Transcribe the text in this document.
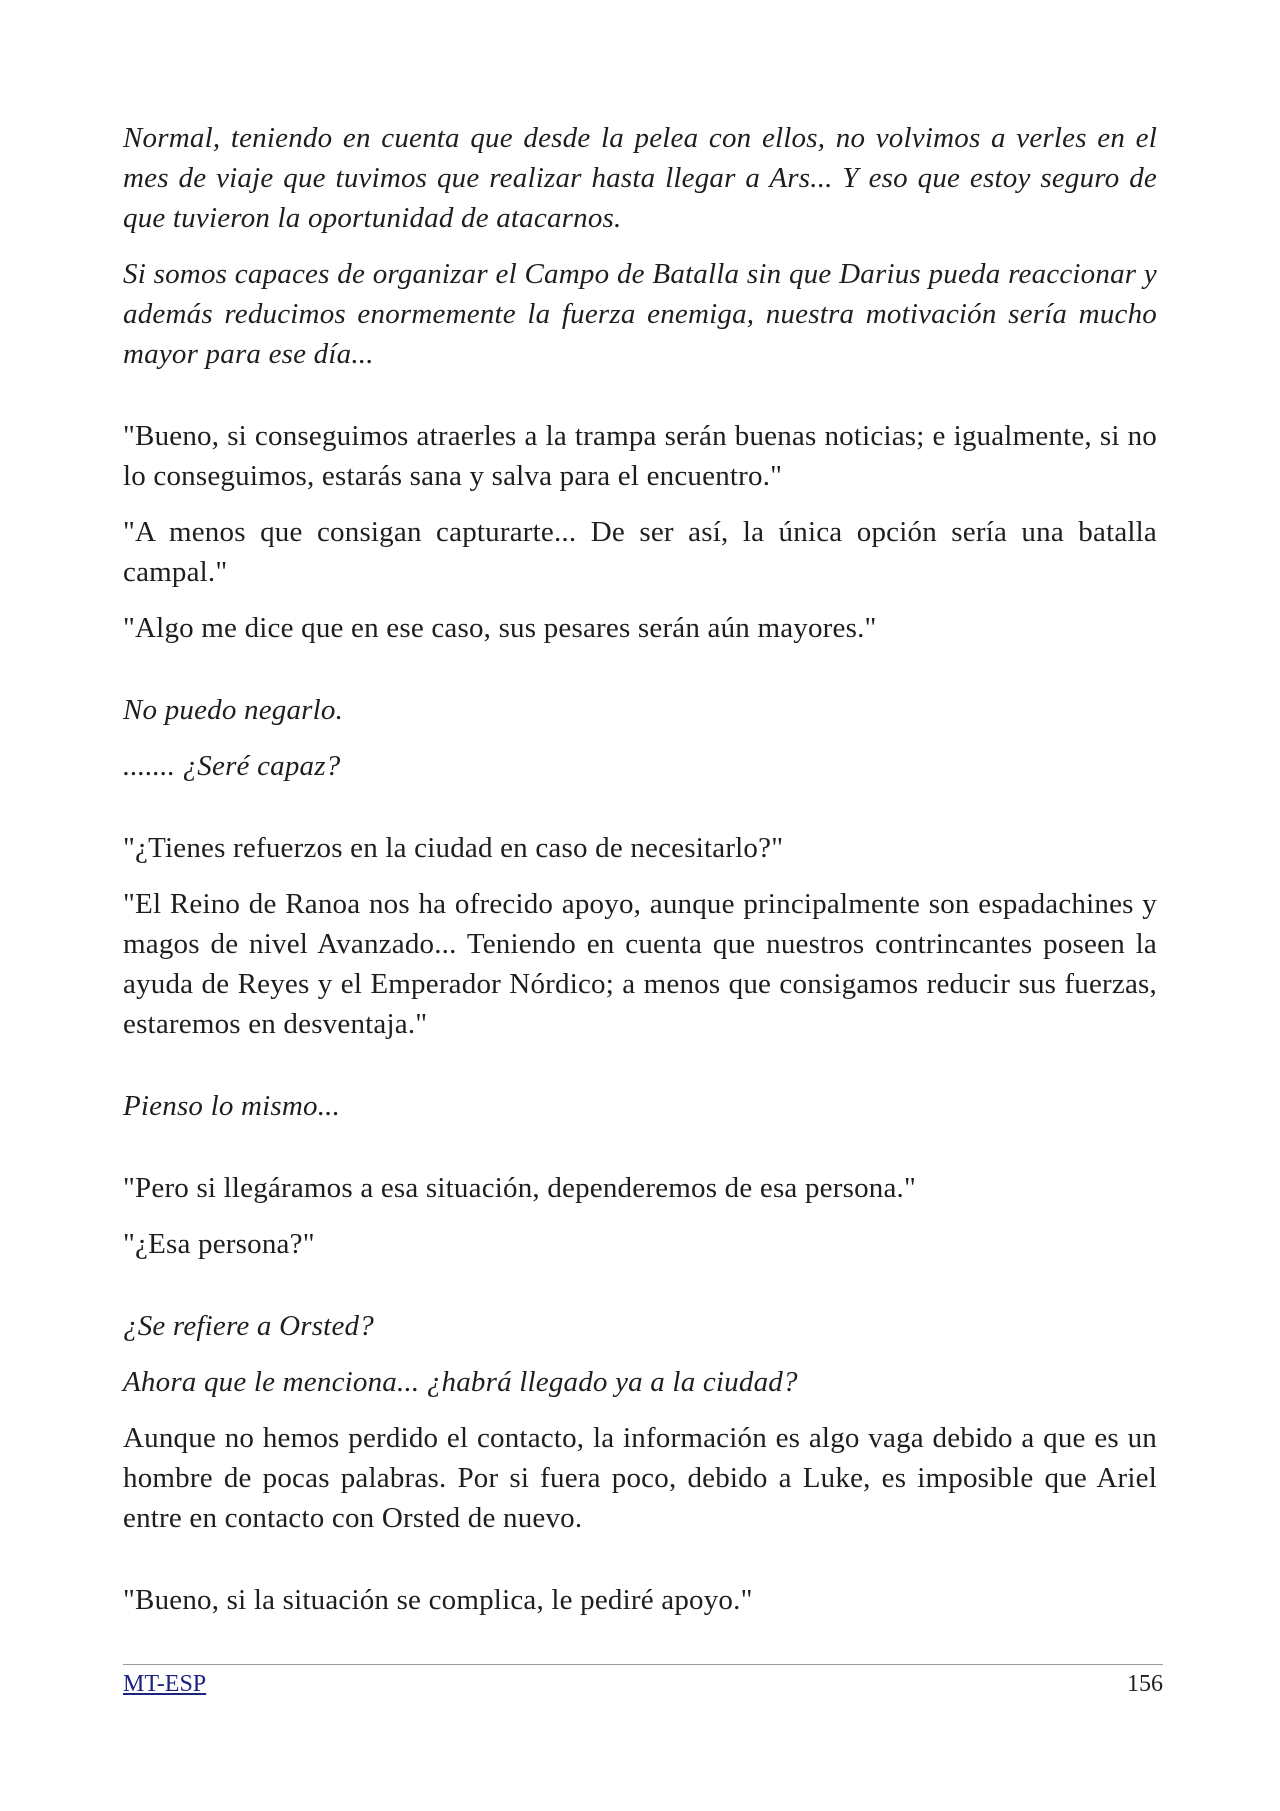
Normal, teniendo en cuenta que desde la pelea con ellos, no volvimos a verles en el mes de viaje que tuvimos que realizar hasta llegar a Ars... Y eso que estoy seguro de que tuvieron la oportunidad de atacarnos.

Si somos capaces de organizar el Campo de Batalla sin que Darius pueda reaccionar y además reducimos enormemente la fuerza enemiga, nuestra motivación sería mucho mayor para ese día...

"Bueno, si conseguimos atraerles a la trampa serán buenas noticias; e igualmente, si no lo conseguimos, estarás sana y salva para el encuentro."

"A menos que consigan capturarte... De ser así, la única opción sería una batalla campal."

"Algo me dice que en ese caso, sus pesares serán aún mayores."

No puedo negarlo.

....... ¿Seré capaz?

"¿Tienes refuerzos en la ciudad en caso de necesitarlo?"

"El Reino de Ranoa nos ha ofrecido apoyo, aunque principalmente son espadachines y magos de nivel Avanzado... Teniendo en cuenta que nuestros contrincantes poseen la ayuda de Reyes y el Emperador Nórdico; a menos que consigamos reducir sus fuerzas, estaremos en desventaja."

Pienso lo mismo...

"Pero si llegáramos a esa situación, dependeremos de esa persona."

"¿Esa persona?"

¿Se refiere a Orsted?

Ahora que le menciona... ¿habrá llegado ya a la ciudad?

Aunque no hemos perdido el contacto, la información es algo vaga debido a que es un hombre de pocas palabras. Por si fuera poco, debido a Luke, es imposible que Ariel entre en contacto con Orsted de nuevo.

"Bueno, si la situación se complica, le pediré apoyo."

MT-ESP	156
